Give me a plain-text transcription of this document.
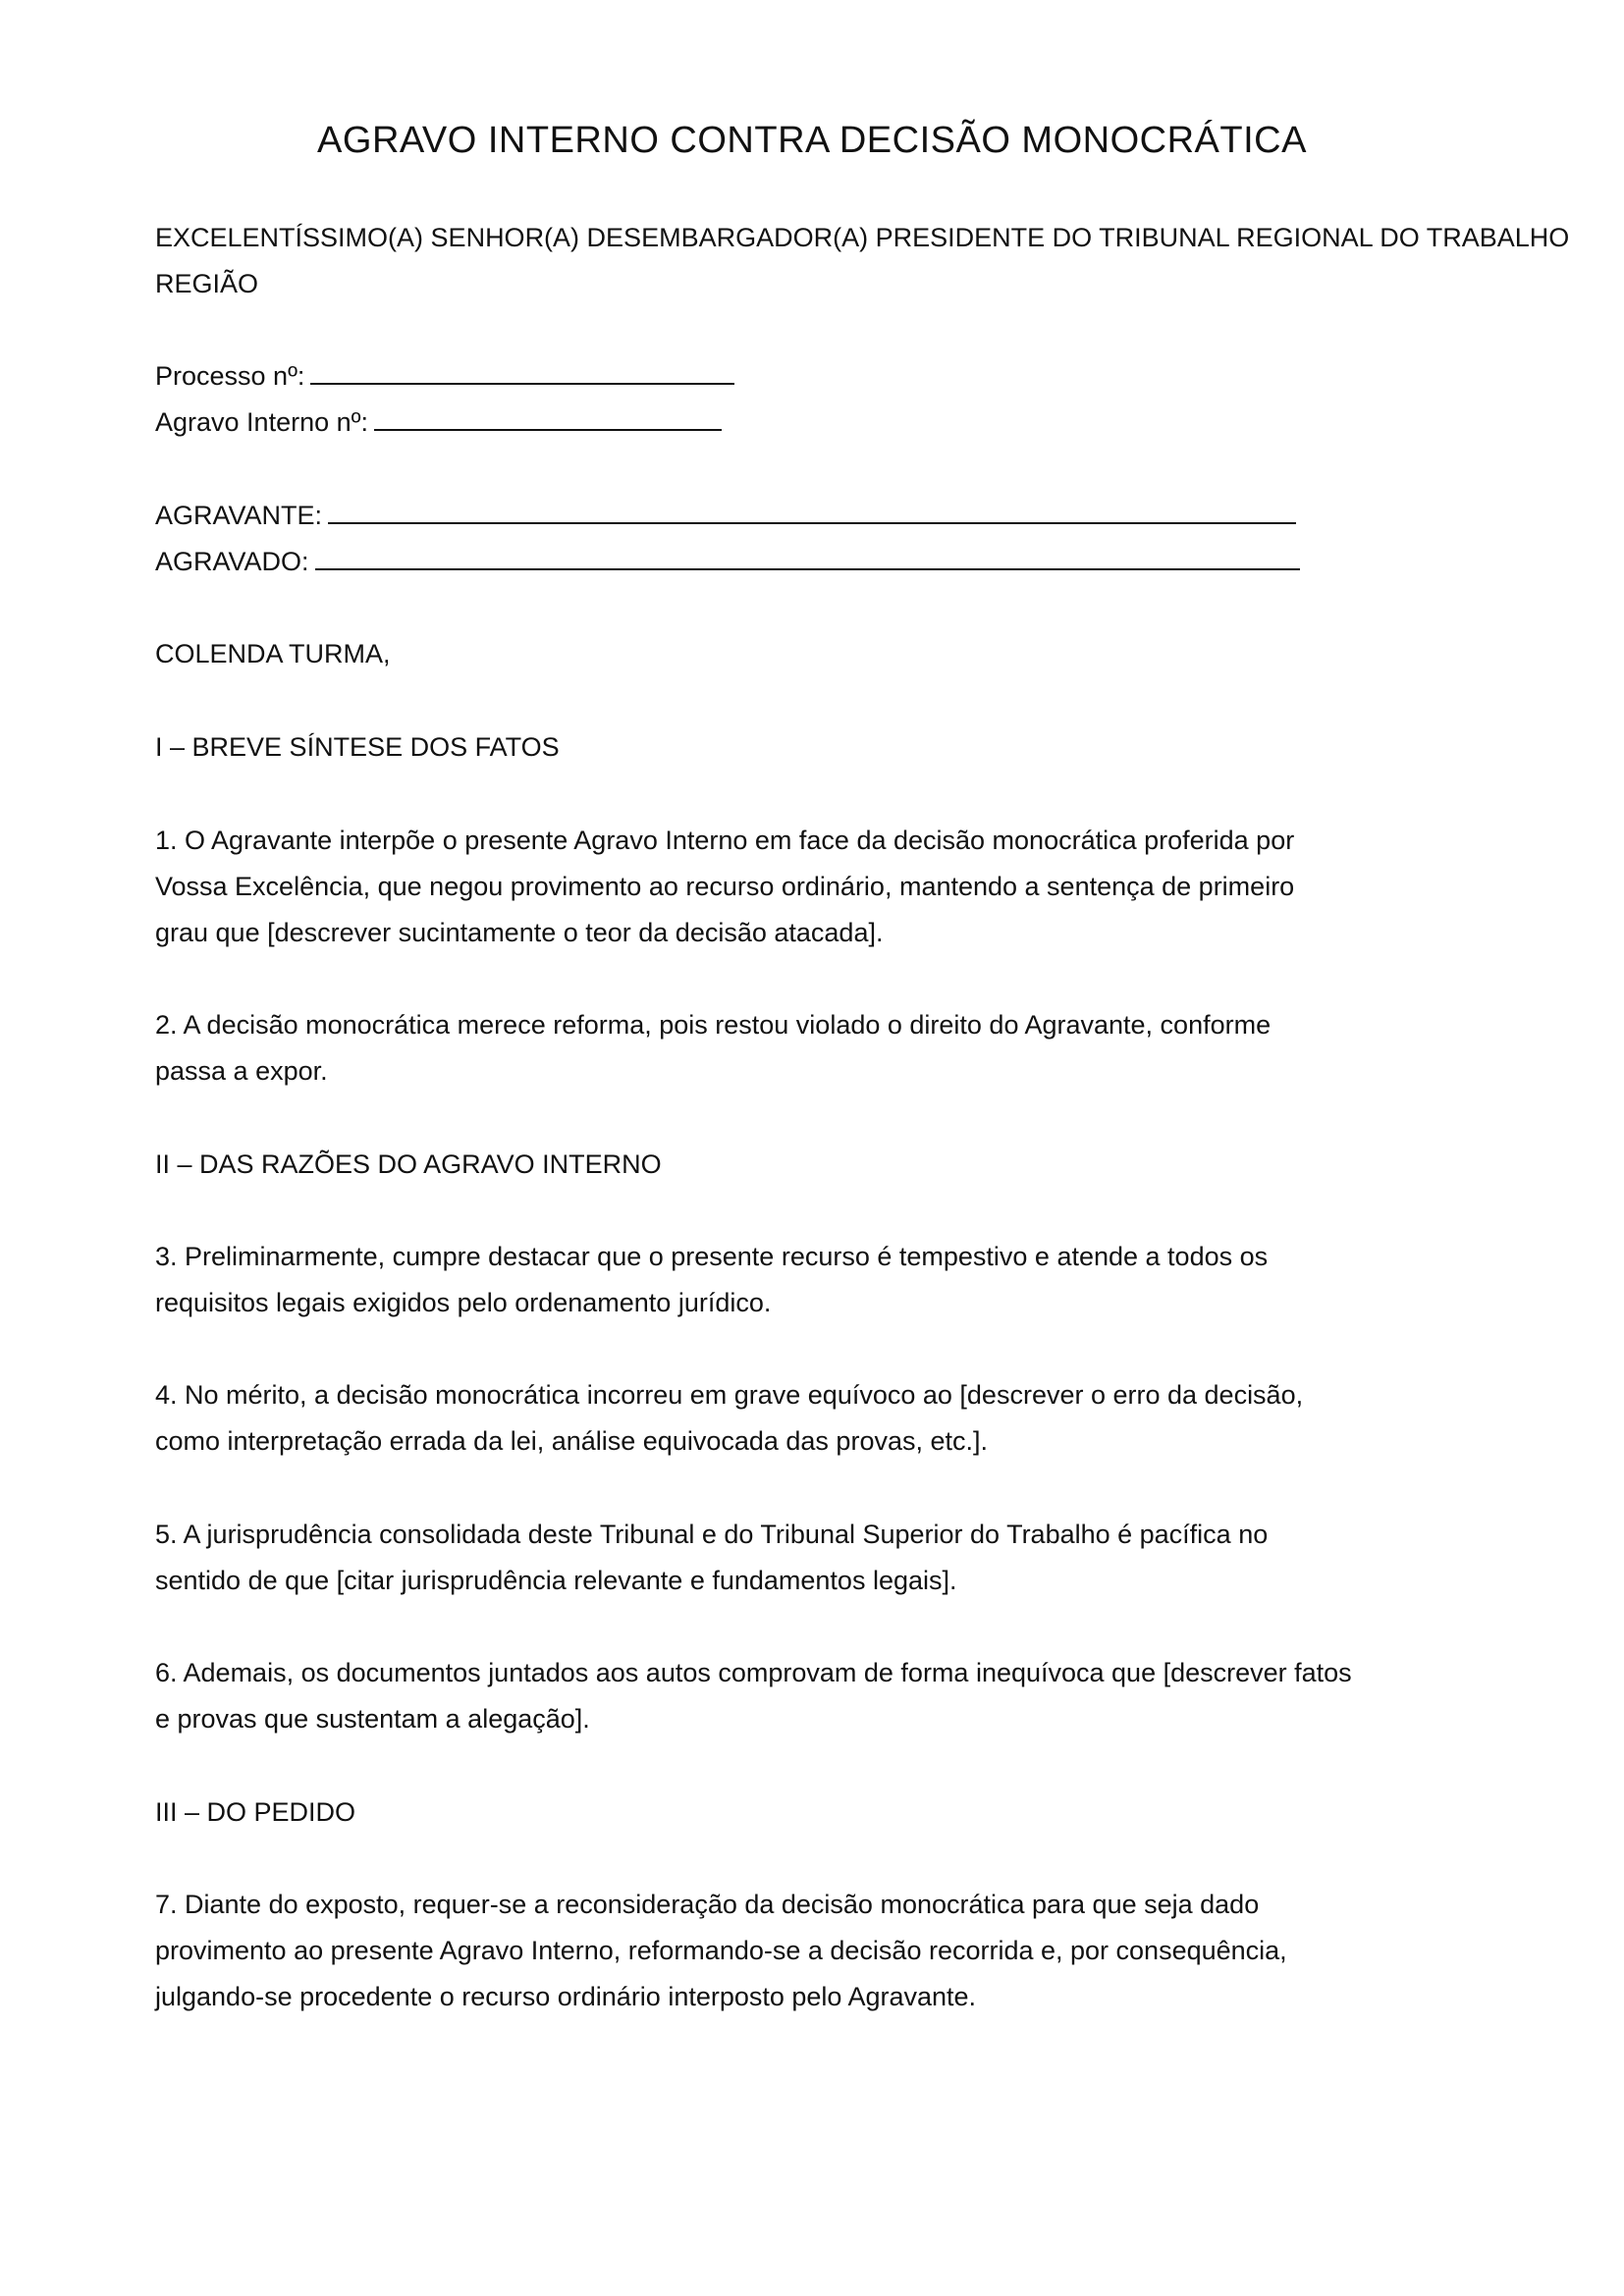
AGRAVO INTERNO CONTRA DECISÃO MONOCRÁTICA
EXCELENTÍSSIMO(A) SENHOR(A) DESEMBARGADOR(A) PRESIDENTE DO TRIBUNAL REGIONAL DO TRABALHO
REGIÃO
Processo nº:
Agravo Interno nº:
AGRAVANTE:
AGRAVADO:
COLENDA TURMA,
I – BREVE SÍNTESE DOS FATOS
1. O Agravante interpõe o presente Agravo Interno em face da decisão monocrática proferida por
Vossa Excelência, que negou provimento ao recurso ordinário, mantendo a sentença de primeiro
grau que [descrever sucintamente o teor da decisão atacada].
2. A decisão monocrática merece reforma, pois restou violado o direito do Agravante, conforme
passa a expor.
II – DAS RAZÕES DO AGRAVO INTERNO
3. Preliminarmente, cumpre destacar que o presente recurso é tempestivo e atende a todos os
requisitos legais exigidos pelo ordenamento jurídico.
4. No mérito, a decisão monocrática incorreu em grave equívoco ao [descrever o erro da decisão,
como interpretação errada da lei, análise equivocada das provas, etc.].
5. A jurisprudência consolidada deste Tribunal e do Tribunal Superior do Trabalho é pacífica no
sentido de que [citar jurisprudência relevante e fundamentos legais].
6. Ademais, os documentos juntados aos autos comprovam de forma inequívoca que [descrever fatos
e provas que sustentam a alegação].
III – DO PEDIDO
7. Diante do exposto, requer-se a reconsideração da decisão monocrática para que seja dado
provimento ao presente Agravo Interno, reformando-se a decisão recorrida e, por consequência,
julgando-se procedente o recurso ordinário interposto pelo Agravante.
